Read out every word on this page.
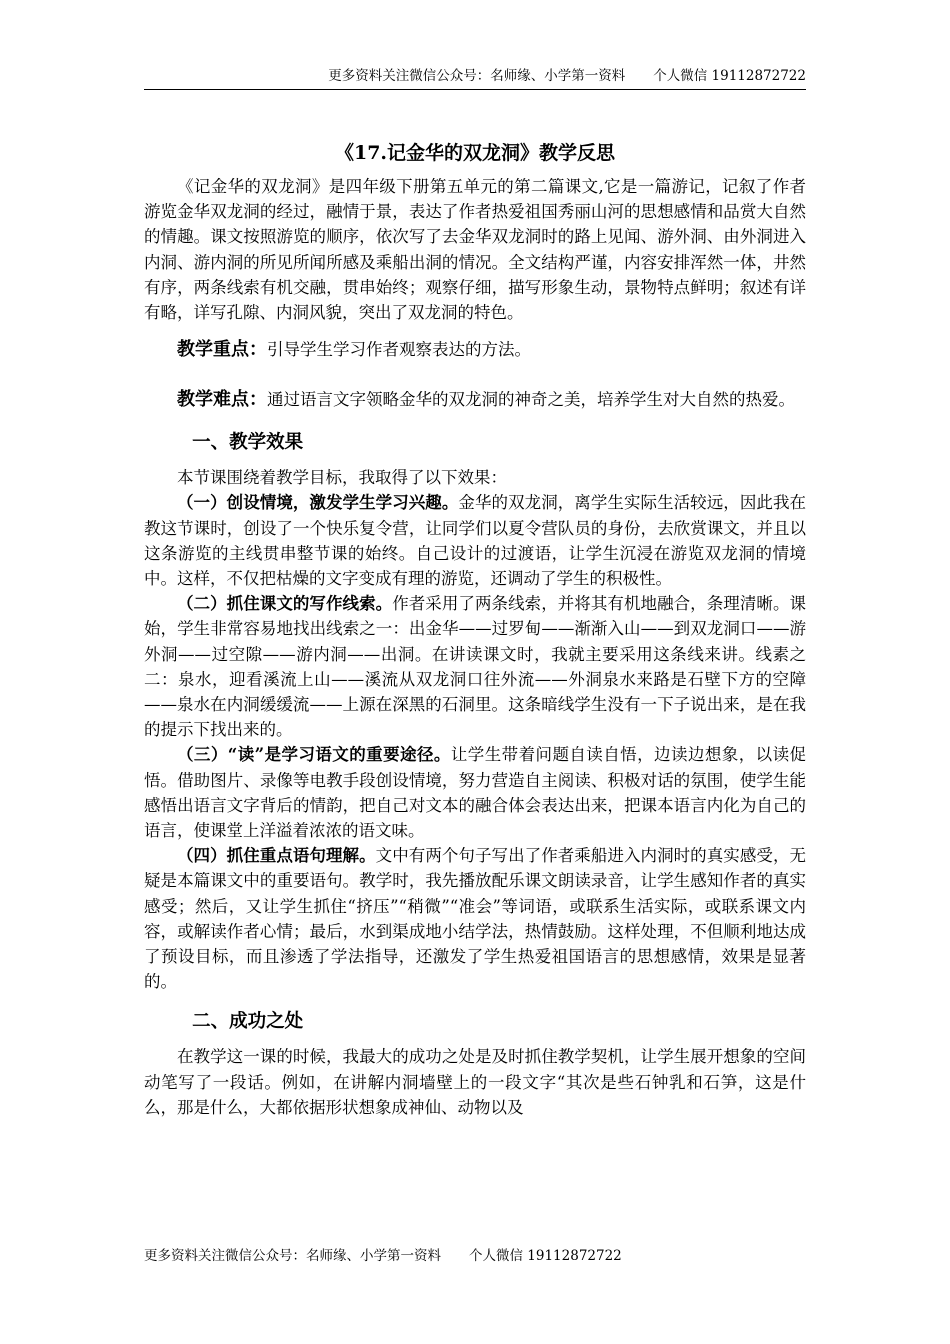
更多资料关注微信公众号：名师缘、小学第一资料 个人微信 19112872722
《17.记金华的双龙洞》教学反思

《记金华的双龙洞》是四年级下册第五单元的第二篇课文,它是一篇游记，记叙了作者游览金华双龙洞的经过，融情于景，表达了作者热爱祖国秀丽山河的思想感情和品赏大自然的情趣。课文按照游览的顺序，依次写了去金华双龙洞时的路上见闻、游外洞、由外洞进入内洞、游内洞的所见所闻所感及乘船出洞的情况。全文结构严谨，内容安排浑然一体，井然有序，两条线索有机交融，贯串始终；观察仔细，描写形象生动，景物特点鲜明；叙述有详有略，详写孔隙、内洞风貌，突出了双龙洞的特色。

教学重点：引导学生学习作者观察表达的方法。
教学难点：通过语言文字领略金华的双龙洞的神奇之美，培养学生对大自然的热爱。
一、教学效果

本节课围绕着教学目标，我取得了以下效果：

（一）创设情境，激发学生学习兴趣。金华的双龙洞，离学生实际生活较远，因此我在教这节课时，创设了一个快乐复令营，让同学们以夏令营队员的身份，去欣赏课文，并且以这条游览的主线贯串整节课的始终。自己设计的过渡语，让学生沉浸在游览双龙洞的情境中。这样，不仅把枯燥的文字变成有理的游览，还调动了学生的积极性。

（二）抓住课文的写作线索。作者采用了两条线索，并将其有机地融合，条理清晰。课始，学生非常容易地找出线索之一：出金华——过罗甸——渐渐入山——到双龙洞口——游外洞——过空隙——游内洞——出洞。在讲读课文时，我就主要采用这条线来讲。线素之二：泉水，迎看溪流上山——溪流从双龙洞口往外流——外洞泉水来路是石壁下方的空障——泉水在内洞缓缓流——上源在深黑的石洞里。这条暗线学生没有一下子说出来，是在我的提示下找出来的。

（三）“读”是学习语文的重要途径。让学生带着问题自读自悟，边读边想象，以读促悟。借助图片、录像等电教手段创设情境，努力营造自主阅读、积极对话的氛围，使学生能感悟出语言文字背后的情韵，把自己对文本的融合体会表达出来，把课本语言内化为自己的语言，使课堂上洋溢着浓浓的语文味。

（四）抓住重点语句理解。文中有两个句子写出了作者乘船进入内洞时的真实感受，无疑是本篇课文中的重要语句。教学时，我先播放配乐课文朗读录音，让学生感知作者的真实感受；然后，又让学生抓住“挤压”“稍微”“准会”等词语，或联系生活实际，或联系课文内容，或解读作者心情；最后，水到渠成地小结学法，热情鼓励。这样处理，不但顺利地达成了预设目标，而且渗透了学法指导，还激发了学生热爱祖国语言的思想感情，效果是显著的。

二、成功之处

在教学这一课的时候，我最大的成功之处是及时抓住教学契机，让学生展开想象的空间动笔写了一段话。例如，在讲解内洞墙壁上的一段文字“其次是些石钟乳和石笋，这是什么，那是什么，大都依据形状想象成神仙、动物以及

更多资料关注微信公众号：名师缘、小学第一资料 个人微信 19112872722
